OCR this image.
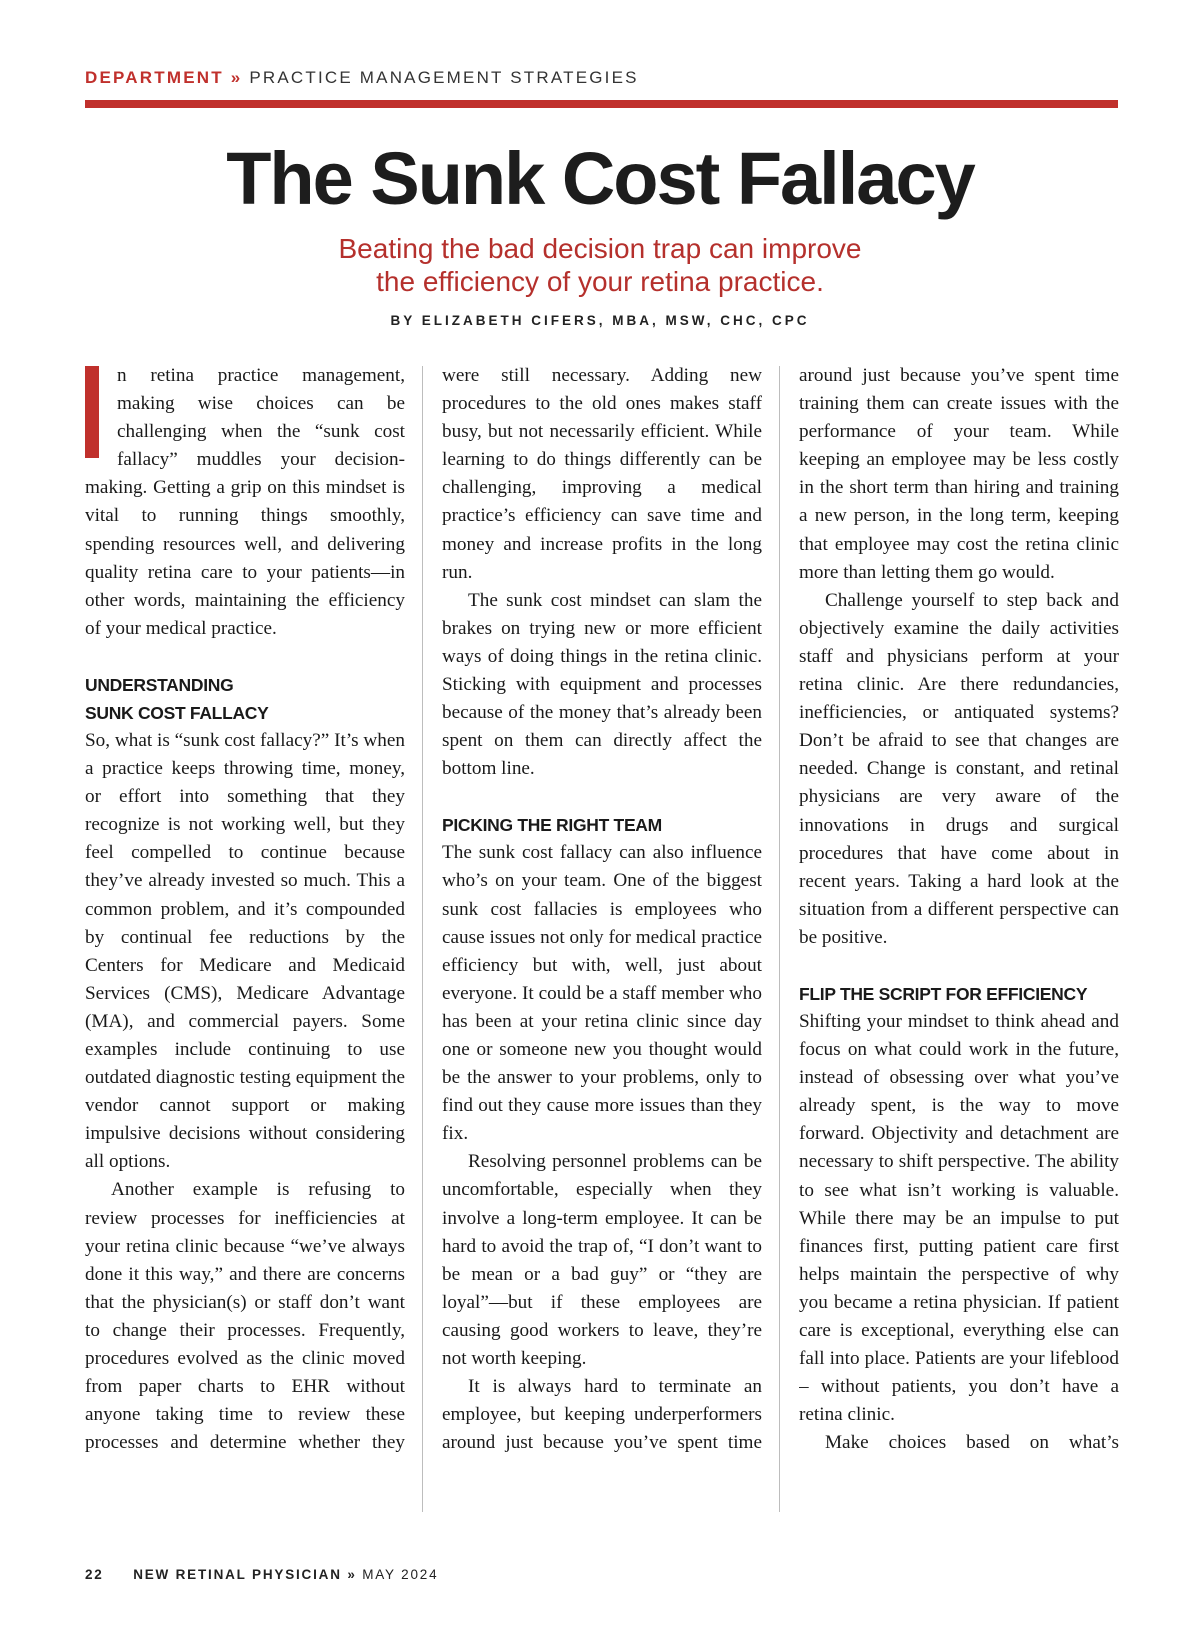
DEPARTMENT » PRACTICE MANAGEMENT STRATEGIES
The Sunk Cost Fallacy
Beating the bad decision trap can improve
the efficiency of your retina practice.
BY ELIZABETH CIFERS, MBA, MSW, CHC, CPC

n retina practice management, making wise choices can be challenging when the “sunk cost fallacy” muddles your decision-making. Getting a grip on this mindset is vital to running things smoothly, spending resources well, and delivering quality retina care to your patients—in other words, maintaining the efficiency of your medical practice.

UNDERSTANDING

SUNK COST FALLACY

So, what is “sunk cost fallacy?” It’s when a practice keeps throwing time, money, or effort into something that they recognize is not working well, but they feel compelled to continue because they’ve already invested so much. This a common problem, and it’s compounded by continual fee reductions by the Centers for Medicare and Medicaid Services (CMS), Medicare Advantage (MA), and commercial payers. Some examples include continuing to use outdated diagnostic testing equipment the vendor cannot support or making impulsive decisions without considering all options.

Another example is refusing to review processes for inefficiencies at your retina clinic because “we’ve always done it this way,” and there are concerns that the physician(s) or staff don’t want to change their processes. Frequently, procedures evolved as the clinic moved from paper charts to EHR without anyone taking time to review these processes and determine whether they

were still necessary. Adding new procedures to the old ones makes staff busy, but not necessarily efficient. While learning to do things differently can be challenging, improving a medical practice’s efficiency can save time and money and increase profits in the long run.

The sunk cost mindset can slam the brakes on trying new or more efficient ways of doing things in the retina clinic. Sticking with equipment and processes because of the money that’s already been spent on them can directly affect the bottom line.

PICKING THE RIGHT TEAM

The sunk cost fallacy can also influence who’s on your team. One of the biggest sunk cost fallacies is employees who cause issues not only for medical practice efficiency but with, well, just about everyone. It could be a staff member who has been at your retina clinic since day one or someone new you thought would be the answer to your problems, only to find out they cause more issues than they fix.

Resolving personnel problems can be uncomfortable, especially when they involve a long-term employee. It can be hard to avoid the trap of, “I don’t want to be mean or a bad guy” or “they are loyal”—but if these employees are causing good workers to leave, they’re not worth keeping.

It is always hard to terminate an employee, but keeping underperformers around just because you’ve spent time

around just because you’ve spent time training them can create issues with the performance of your team. While keeping an employee may be less costly in the short term than hiring and training a new person, in the long term, keeping that employee may cost the retina clinic more than letting them go would.

Challenge yourself to step back and objectively examine the daily activities staff and physicians perform at your retina clinic. Are there redundancies, inefficiencies, or antiquated systems? Don’t be afraid to see that changes are needed. Change is constant, and retinal physicians are very aware of the innovations in drugs and surgical procedures that have come about in recent years. Taking a hard look at the situation from a different perspective can be positive.

FLIP THE SCRIPT FOR EFFICIENCY

Shifting your mindset to think ahead and focus on what could work in the future, instead of obsessing over what you’ve already spent, is the way to move forward. Objectivity and detachment are necessary to shift perspective. The ability to see what isn’t working is valuable. While there may be an impulse to put finances first, putting patient care first helps maintain the perspective of why you became a retina physician. If patient care is exceptional, everything else can fall into place. Patients are your lifeblood – without patients, you don’t have a retina clinic.

Make choices based on what’s

22 NEW RETINAL PHYSICIAN » MAY 2024
